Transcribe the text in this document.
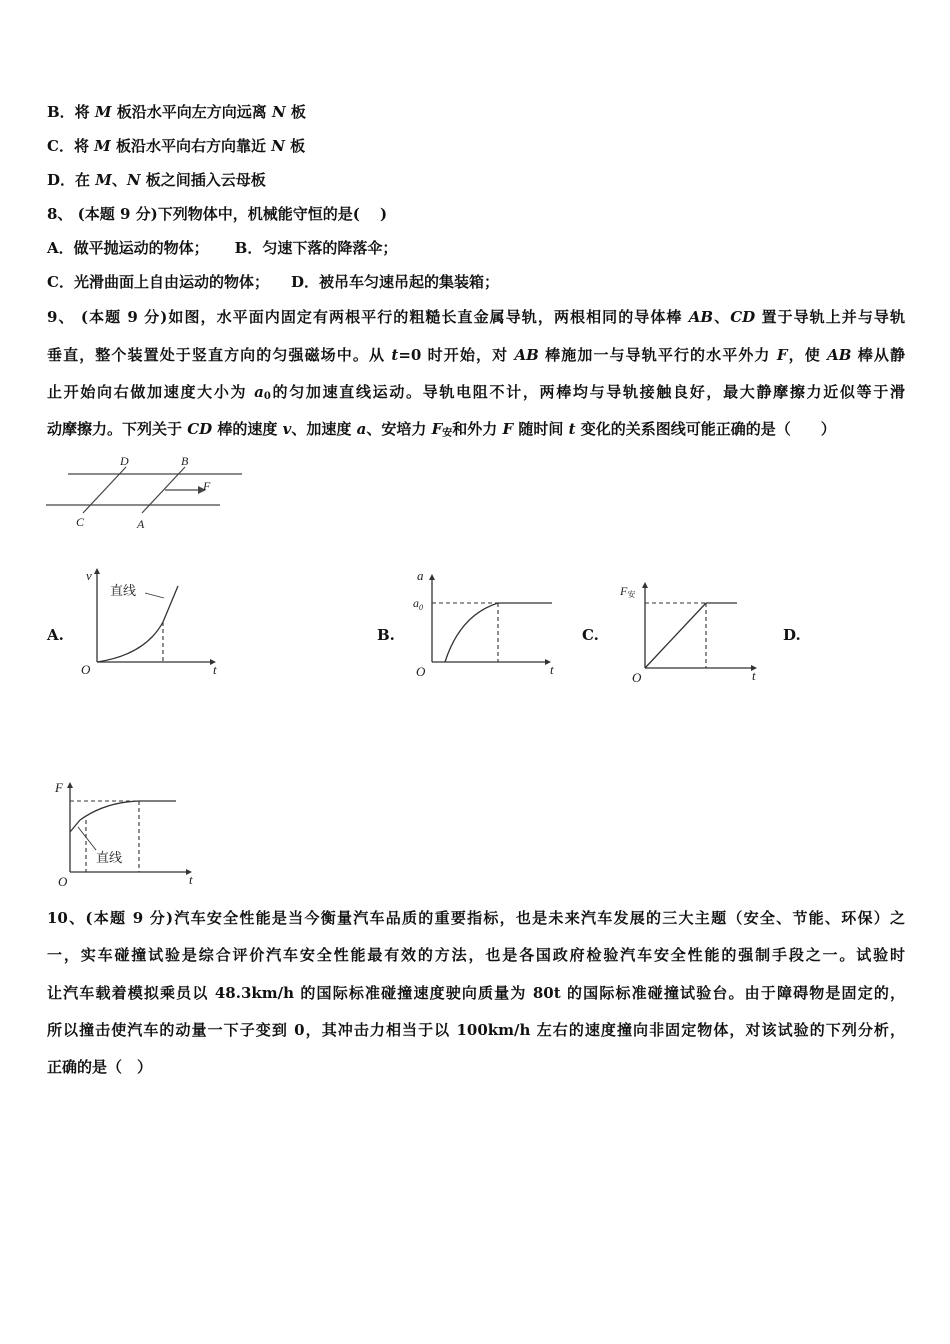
B．将 M 板沿水平向左方向远离 N 板
C．将 M 板沿水平向右方向靠近 N 板
D．在 M、N 板之间插入云母板
8、 (本题 9 分)下列物体中，机械能守恒的是(　 )
A．做平抛运动的物体； B．匀速下落的降落伞；
C．光滑曲面上自由运动的物体； D．被吊车匀速吊起的集装箱；
9、 (本题 9 分)如图，水平面内固定有两根平行的粗糙长直金属导轨，两根相同的导体棒 AB、CD 置于导轨上并与导轨
垂直，整个装置处于竖直方向的匀强磁场中。从 t=0 时开始，对 AB 棒施加一与导轨平行的水平外力 F，使 AB 棒从静
止开始向右做加速度大小为 $a_0$的匀加速直线运动。导轨电阻不计，两棒均与导轨接触良好，最大静摩擦力近似等于滑
动摩擦力。下列关于 CD 棒的速度 v、加速度 a、安培力 $F_安$和外力 F 随时间 t 变化的关系图线可能正确的是（　　）
D	B
F
C	A
A.	B.	C.	D.
v
t
O
直线
a
$a_0$
t
O
F安
t
O
F
t
O
直线
10、(本题 9 分)汽车安全性能是当今衡量汽车品质的重要指标，也是未来汽车发展的三大主题（安全、节能、环保）之
一，实车碰撞试验是综合评价汽车安全性能最有效的方法，也是各国政府检验汽车安全性能的强制手段之一。试验时
让汽车载着模拟乘员以 48.3km/h 的国际标准碰撞速度驶向质量为 80t 的国际标准碰撞试验台。由于障碍物是固定的，
所以撞击使汽车的动量一下子变到 0，其冲击力相当于以 100km/h 左右的速度撞向非固定物体，对该试验的下列分析，
正确的是（　）
